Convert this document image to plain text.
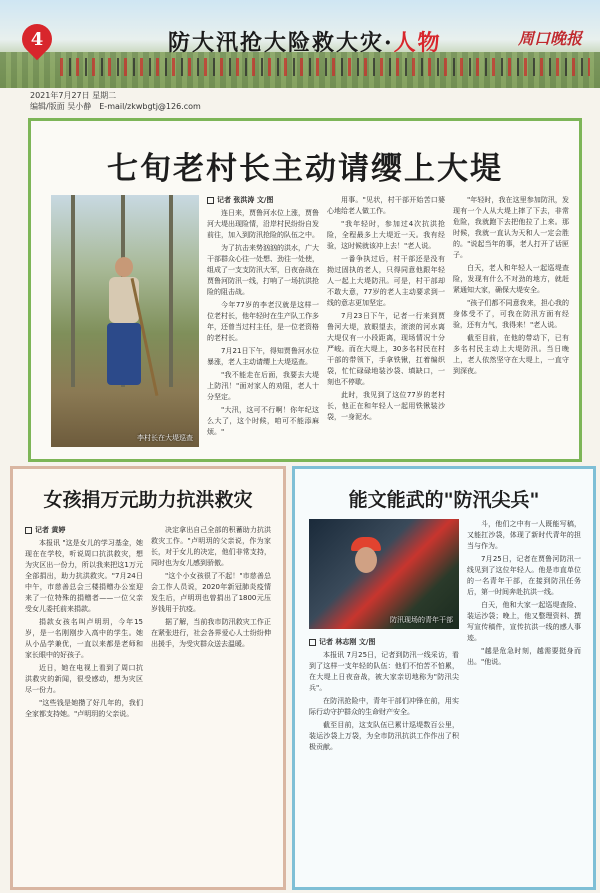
4	防大汛抢大险救大灾·人物	周口晚报
2021年7月27日 星期二
编辑/版面 吴小静 E-mail/zkwbgtj@126.com
七旬老村长主动请缨上大堤
李村长在大堤巡查
记者 张洪涛 文/图

连日来，贾鲁河水位上涨，贾鲁河大堤出现险情，沿岸村民纷纷自发前往，加入到防汛抢险的队伍之中。

为了抗击来势汹汹的洪水，广大干部群众心往一处想、劲往一处使，组成了一支支防汛大军，日夜奋战在贾鲁河防汛一线，打响了一场抗洪抢险的阻击战。

今年77岁的李老汉就是这样一位老村长，他年轻时在生产队工作多年，还曾当过村主任，是一位老资格的老村长。

7月21日下午，得知贾鲁河水位暴涨，老人主动请缨上大堤巡查。

"我不能走在后面，我要去大堤上防汛！"面对家人的劝阻，老人十分坚定。

"大汛，这可不行啊！你年纪这么大了，这个时候，咱可不能添麻烦。"

用事。"见状，村干部开始苦口婆心地给老人做工作。

"我年轻时，参加过4次抗洪抢险，全程最多上大堤近一天。我有经验，这时候就该冲上去！"老人说。

一番争执过后，村干部还是没有拗过固执的老人，只得同意他跟年轻人一起上大堤防汛。可是，村干部却不敢大意，77岁的老人主动要求到一线的意志更加坚定。

7月23日下午，记者一行来到贾鲁河大堤，放眼望去，滚滚的河水离大堤仅有一小段距离，现场情况十分严峻。而在大堤上，30多名村民在村干部的带领下，手拿铁锹，扛着编织袋，忙忙碌碌地装沙袋、填缺口，一刻也不停歇。

此时，我见到了这位77岁的老村长，他正在和年轻人一起用铁锹装沙袋，一身泥水。

"年轻时，我在这里参加防汛，发现有一个人从大堤上摔了下去，非常危险，我就跑下去把他拉了上来。那时候，我就一直认为天和人一定会胜的。"说起当年的事，老人打开了话匣子。

白天，老人和年轻人一起巡堤查险，发现有什么不对劲的地方，就赶紧通知大家，确保大堤安全。

"孩子们都不同意我来，担心我的身体受不了，可我在防汛方面有经验，还有力气，我得来！"老人说。

截至目前，在他的带动下，已有多名村民主动上大堤防汛。当日晚上，老人依然坚守在大堤上，一直守到深夜。

女孩捐万元助力抗洪救灾
记者 黄婷

本报讯 "这是女儿的学习基金，她现在在学校，听说周口抗洪救灾，想为灾区出一份力，所以我来把这1万元全部捐出，助力抗洪救灾。"7月24日中午，市慈善总会三楼捐赠办公室迎来了一位特殊的捐赠者——一位父亲受女儿委托前来捐款。

捐款女孩名叫卢明玥，今年15岁，是一名刚刚步入高中的学生。她从小品学兼优，一直以来都是老师和家长眼中的好孩子。

近日，她在电视上看到了周口抗洪救灾的新闻，很受感动，想为灾区尽一份力。

"这些钱是她攒了好几年的，我们全家都支持她。"卢明玥的父亲说。

决定拿出自己全部的积蓄助力抗洪救灾工作。"卢明玥的父亲说，作为家长，对于女儿的决定，他们非常支持，同时也为女儿感到骄傲。

"这个小女孩很了不起！"市慈善总会工作人员说，2020年新冠肺炎疫情发生后，卢明玥也曾捐出了1800元压岁钱用于抗疫。

据了解，当前我市防汛救灾工作正在紧张进行，社会各界爱心人士纷纷伸出援手，为受灾群众送去温暖。

能文能武的"防汛尖兵"
防汛现场的青年干部

斗，他们之中有一人既能写稿，又能扛沙袋，体现了新时代青年的担当与作为。

7月25日，记者在贾鲁河防汛一线见到了这位年轻人。他是市直单位的一名青年干部，在接到防汛任务后，第一时间奔赴抗洪一线。

白天，他和大家一起巡堤查险、装运沙袋；晚上，他又整理资料、撰写宣传稿件，宣传抗洪一线的感人事迹。

"越是危急时刻，越需要挺身而出。"他说。

记者 林志刚 文/图

本报讯 7月25日，记者到防汛一线采访，看到了这样一支年轻的队伍：他们不怕苦不怕累，在大堤上日夜奋战，被大家亲切地称为"防汛尖兵"。

在防汛抢险中，青年干部们冲锋在前，用实际行动守护群众的生命财产安全。

截至目前，这支队伍已累计巡堤数百公里，装运沙袋上万袋，为全市防汛抗洪工作作出了积极贡献。
